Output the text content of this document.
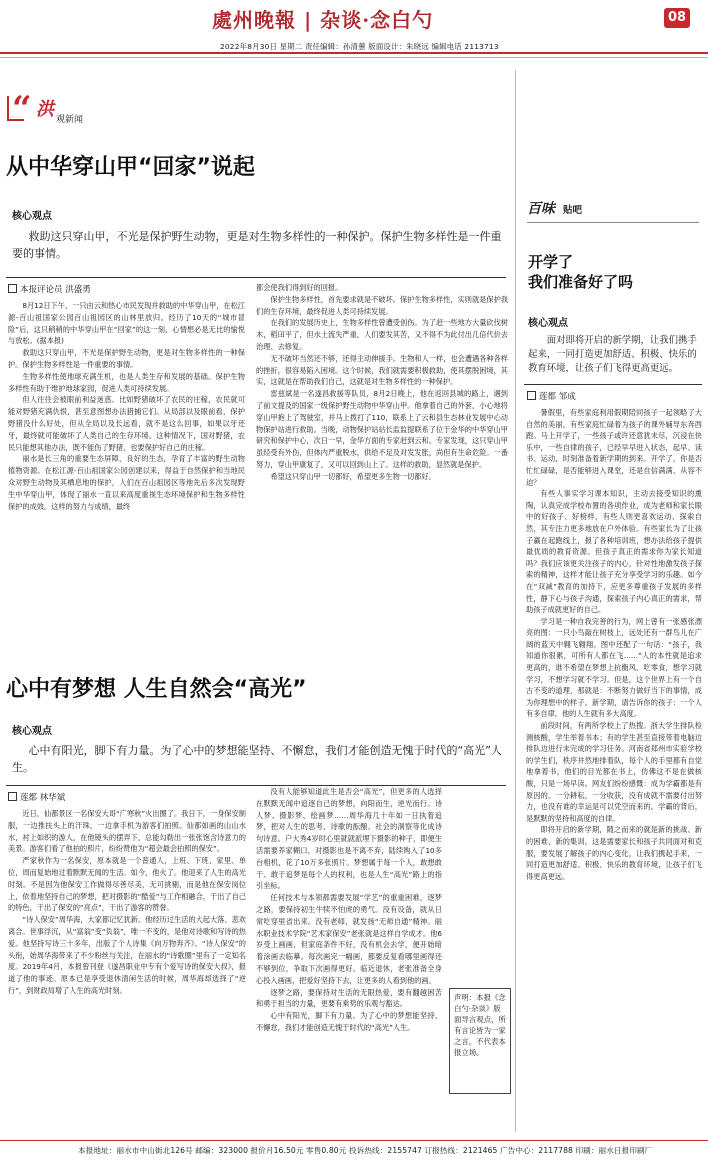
處州晚報 | 杂谈·念白勺	08
2022年8月30日 星期二 责任编辑：孙清蕙 版面设计：朱晓远 编辑电话 2113713
“ 洪 观新闻
从中华穿山甲“回家”说起
核心观点
救助这只穿山甲，不光是保护野生动物，更是对生物多样性的一种保护。保护生物多样性是一件重要的事情。
本报评论员 洪盛勇

8月12日下午，一只由云和热心市民发现并救助的中华穿山甲，在松江源-百山祖国家公园百山祖园区的山林里放归。经历了10天的“城市冒险”后，这只稍稍的中华穿山甲在“回家”的这一刻，心情想必是无比的愉悦与放松。(据本报)

救助这只穿山甲，不光是保护野生动物，更是对生物多样性的一种保护。保护生物多样性是一件重要的事情。

生物多样性使地球充满生机，也是人类生存和发展的基础。保护生物多样性有助于维护地球家园，促进人类可持续发展。

但人往往会被眼前利益迷惑。比如野猪破坏了农民的庄稼，农民就可能对野猪充满仇恨，甚至意图想办法猎捕它们。从局部以及眼前看，保护野猪没什么好处，但从全局以及长远看，就不是这么回事，如果以牙还牙，最终就可能破坏了人类自己的生存环境。这种情况下，国对野猪，农民只能想其他办法，既不能伤了野猪，也要保护好自己的庄稼。

丽水是长三角的重要生态屏障，良好的生态，孕育了丰富的野生动物植物资源。在松江源-百山祖国家公园创建以来，得益于自然保护和当地民众对野生动物及其栖息地的保护，人们在百山祖园区等地先后多次发现野生中华穿山甲，体现了丽水一直以来高度重视生态环境保护和生物多样性保护的成效。这样的努力与成绩，最终

都会使我们得到好的回报。

保护生物多样性，首先要求就是不破坏。保护生物多样性，实则就是保护我们的生存环境，最终促进人类可持续发展。

在我们的发展历史上，生物多样性曾遭受创伤。为了赶一些地方大量砍伐树木，稻田平了，但水土流失严重，人们要发其苦，又不得不为此付出几倍代价去治理、去修复。

无不破坏当然还不够，还得主动伸援手。生物和人一样，也会遭遇各种各样的挫折，很容易陷入困境。这个时候，我们就需要积极救助，使其摆脱困境，其实，这就是在帮助我们自己，这就是对生物多样性的一种保护。

雷兹斌是一名遂昌救援等队员，8月2日晚上，他在返回县城的路上，遇到了前文提及的国家一级保护野生动物中华穿山甲。他拿着自己的外套，小心地将穿山甲抱上了驾驶室，并马上拨打了110，联系上了云和县生态林业发展中心动物保护站进行救助。当晚，动物保护站站长监监提联系了位于金华的中华穿山甲研究和保护中心，次日一早，金华方面的专家赶到云和。专家发现，这只穿山甲虽经受有外伤，但体内严重脱水，供给不足及对发发胀，尚但有生命危险。一番努力，穿山甲康复了，又可以回到山上了。这样的救助，显然就是保护。

希望这只穿山甲一切都好，希望更多生物一切都好。

心中有梦想 人生自然会“高光”
核心观点
心中有阳光，脚下有力量。为了心中的梦想能坚持、不懈怠，我们才能创造无愧于时代的“高光”人生。
莲都 林华斌

近日，仙都景区一名保安大哥“广寒秋”火出圈了。我日下，一身保安制服，一边推扶头上的汗珠，一边拿手机为游客们拍照。仙都如画的山山水水，衬上如织的游人，在他镜头的摆弄下，总能勾勒出一张张饱含诗意力的美景。游客们看了他拍的照片，纷纷赞他为“超会最会拍照的保安”。

严家秋作为一名保安，原本就是一个普通人，上班、下班、家里、单位，周而复始地过着默默无闻的生活。如今，他火了。他迎来了人生的高光时刻。不是因为他保安工作做得尽善尽美，无可挑剔，而是他在保安岗位上，依着地坚持自己的梦想，把对摄影的“酷爱”与工作相融合，干出了自己的特色，干出了保安的“亮点”，干出了游客的赞誉。

“诗人保安”周华海，大家都记忆犹新。他经历过生活的大起大落、悲欢离合。世事浮沉，从“富翁”变“负翁”，唯一不变的，是他对诗歌和写诗的热爱。他坚持写诗三十多年，出版了个人诗集《向万物奔齐》。“诗人保安”的头衔，始周华海带来了不少粉丝与关注，在丽水的“诗歌圈”里有了一定知名度。2019年4月，本报曾刊登《遂昌职业中专有个爱写诗的保安大叔》，报道了他的事迹。原本已是享受退休清闲生活的时候，周华海却选择了“逆行”，到财政局增了人生的高光时刻。

没有人能够知道此生是否会“高光”，但更多的人选择在默默无闻中追逐自己的梦想，向阳而生，逆光而行。诗人梦、摄影梦、绘画梦……周华海几十年如一日执着追梦，把对人生的思考、诗歌的酝酿、社会的洞察等化成诗句诗意。户大秀4岁时心里就就派埋下摄影的种子，即便生活需要养家糊口，对摄影也是不离不弃，陆续购入了10多台相机，花了10万多张照片。梦想属于每一个人，敢想敢干、敢于追梦是每个人的权利，也是人生“高光”路上的指引坐标。

任何技术与本领都需要发展“学艺”的重重困难，逐梦之路，要保持初生牛犊不怕虎的勇气。没有设备，就从日常吃穿里省出来。没有老师，就发扬“无师自通”精神。丽水职业技术学院“艺术家保安”老张就是这样自学成才。他6岁受上画画，但家庭条件不好，没有机会去学，便开始暗着涂画去临摹。每次画完一幅画，都要反复看哪里画得还不够到位，争取下次画得更好。临近退休，老张准备全身心投入画画，把爱好坚持下去，让更多的人看到他的画。

逐梦之路，要保持对生活的无限热爱，要有翻越困苦和勇于担当的力量，更要有乘势的乐观与豁达。

心中有阳光，脚下有力量。为了心中的梦想能坚持、不懈怠，我们才能创造无愧于时代的“高光”人生。

声明：本报《念白勺·杂谈》版面导言观点，所有言论皆为一家之言，不代表本报立场。
百味 贴吧
开学了
我们准备好了吗
核心观点
面对即将开启的新学期，让我们携手起来，一同打造更加舒适、积极、快乐的教育环境，让孩子们飞得更高更远。
莲都 邹成

暑假里，有些家庭利用假期陪同孩子一起领略了大自然的美丽，有些家庭忙碌着为孩子的课外辅导东奔西跑。马上开学了，一些孩子或许还意犹未尽，沉浸在快乐中，一些自律的孩子，已经早早进入状态，起早、读书、运动，时刻准备着新学期的到来。开学了，你是否忙忙碌碌，是否能够进入课堂，还是自信满满、从容不迫？

有些人事实学习课本知识，主动去接受知识的熏陶，认真完成学校布置的各项作业，成为老师和家长眼中的好孩子、好榜样，有些人则更喜欢运动、探索自然，其专注力更多地放在户外体验。有些家长为了让孩子赢在起跑线上，报了各种培训班，想办法给孩子提供最优质的教育资源。但孩子真正的需求你为家长知道吗？我们应该更关注孩子的内心，针对性地激发孩子探索的精神，这样才能让孩子充分享受学习的乐趣。如今在“双减”教育的加持下，应更多尊重孩子发展的多样性，静下心与孩子沟通，探索孩子内心真正的需求，帮助孩子成就更好的自己。

学习是一种自我完善的行为，网上曾有一张感张漂亮的图：一只小鸟敲在树枝上，远处还有一群鸟儿在广阔的蓝天中翱飞翱翔。图中还配了一句话：“孩子，我知道你很累，可所有人都在飞……”人的本性就是追求更高的，谁不希望在梦想上抗衡风、吃零食，想学习就学习，不想学习就不学习。但是，这个世界上有一个自古不变的道理，那就是：不断努力做好当下的事情，成为你理想中的样子。新学期，请告诉你的孩子：一个人有多自律，他的人生就有多大高度。

前段时间，有两所学校上了热搜。浙大学生排队检测核酸，学生举着书本；有的学生甚至直接带着电脑边排队边进行未完成的学习任务。河南省郑州市实验学校的学生们，秩序井然地排着队，每个人的手里都有自觉地拿着书，他们的目光都在书上，仿佛这不是在做核酸，只是一场早读。网友们纷纷感慨：成为学霸都是有原因的。一分耕耘，一分收获，没有成就不需要付出努力，也没有谁的幸运是可以凭空而来的。学霸的背后，是默默的坚持和高度的自律。

即将开启的新学期，随之而来的就是新的挑战、新的困难、新的集训。这是需要家长和孩子共同面对和克服，要发展了解孩子的内心变化，让我们携起手来，一同打造更加舒适、积极、快乐的教育环境，让孩子们飞得更高更远。

本报地址：丽水市中山街北126号 邮编：323000 报价月16.50元 零售0.80元 投诉热线：2155747 订报热线：2121465 广告中心：2117788 印刷：丽水日报印刷厂
